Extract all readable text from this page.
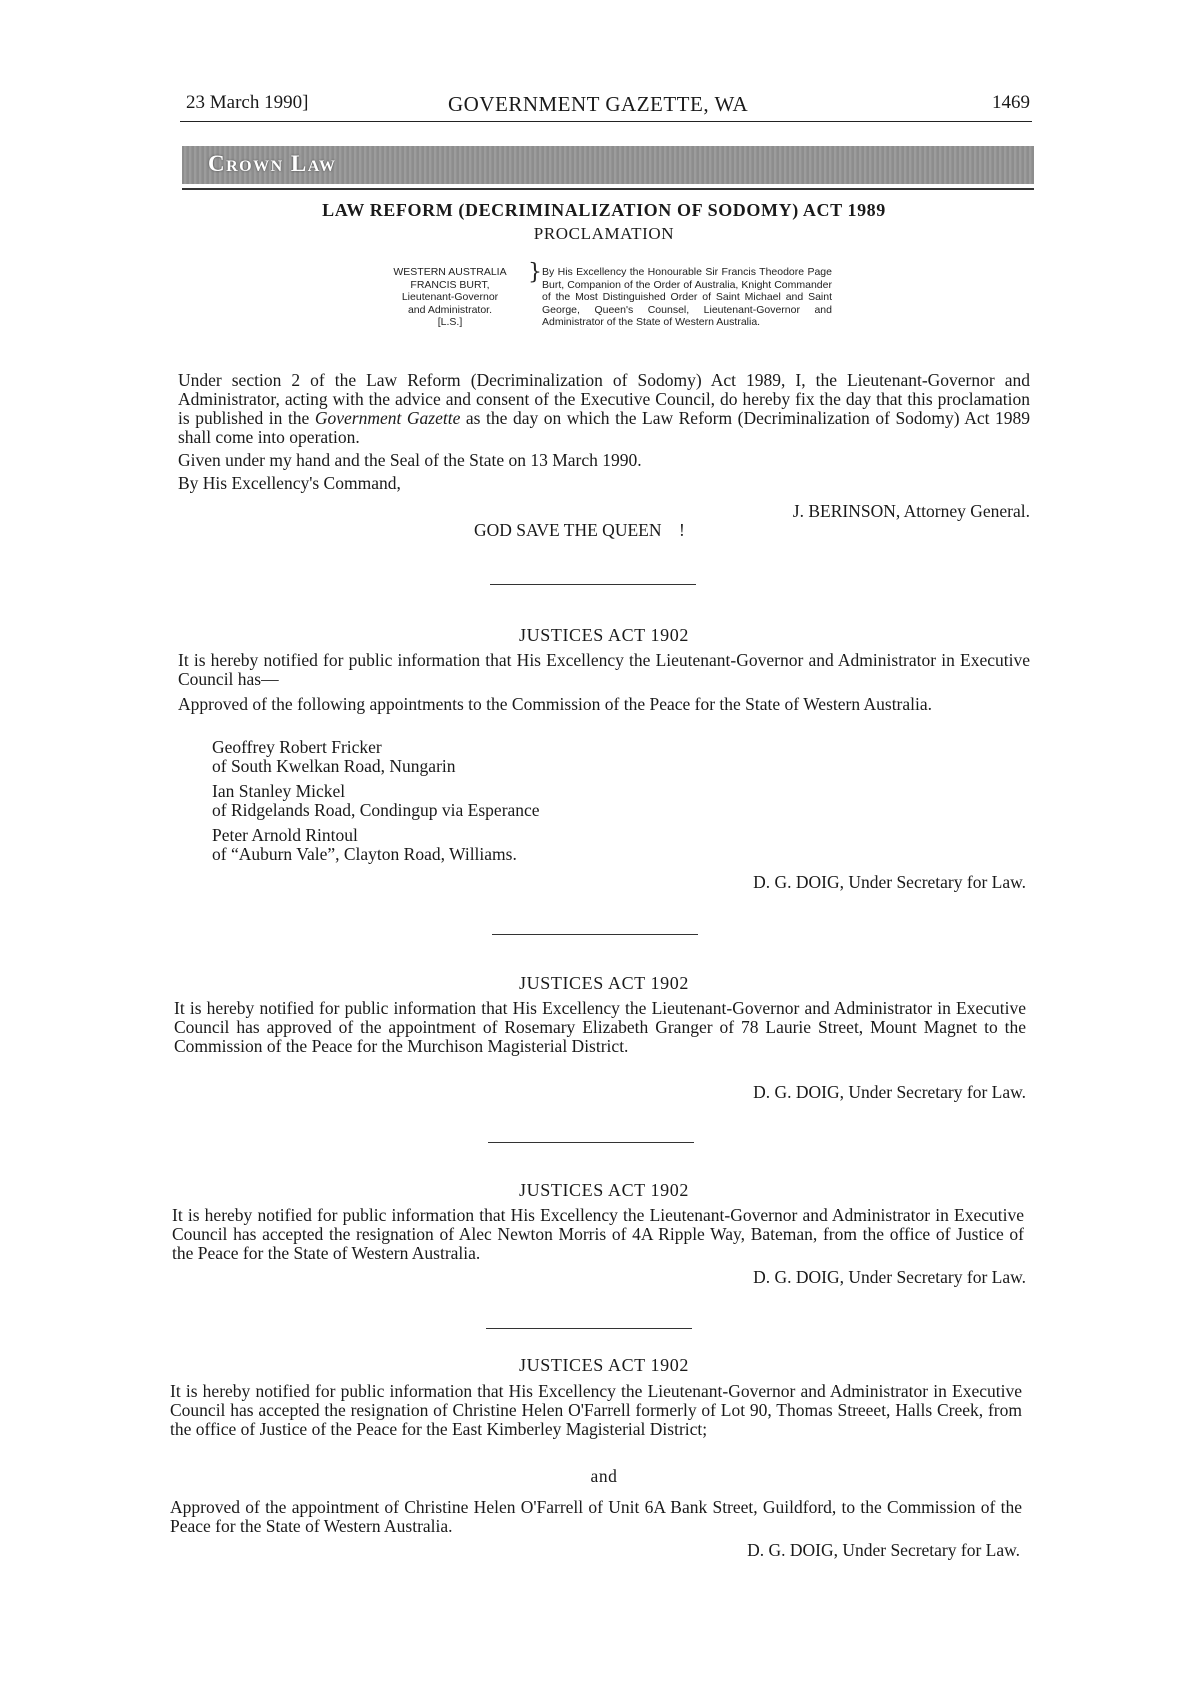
23 March 1990]	GOVERNMENT GAZETTE, WA	1469
Crown Law
LAW REFORM (DECRIMINALIZATION OF SODOMY) ACT 1989
PROCLAMATION
WESTERN AUSTRALIA
FRANCIS BURT,
Lieutenant-Governor
and Administrator.
[L.S.]
} By His Excellency the Honourable Sir Francis Theodore Page Burt, Companion of the Order of Australia, Knight Commander of the Most Distinguished Order of Saint Michael and Saint George, Queen's Counsel, Lieutenant-Governor and Administrator of the State of Western Australia.
Under section 2 of the Law Reform (Decriminalization of Sodomy) Act 1989, I, the Lieutenant-Governor and Administrator, acting with the advice and consent of the Executive Council, do hereby fix the day that this proclamation is published in the Government Gazette as the day on which the Law Reform (Decriminalization of Sodomy) Act 1989 shall come into operation.
Given under my hand and the Seal of the State on 13 March 1990.
By His Excellency's Command,
J. BERINSON, Attorney General.
GOD SAVE THE QUEEN    !
JUSTICES ACT 1902
It is hereby notified for public information that His Excellency the Lieutenant-Governor and Administrator in Executive Council has—
Approved of the following appointments to the Commission of the Peace for the State of Western Australia.
Geoffrey Robert Fricker
of South Kwelkan Road, Nungarin
Ian Stanley Mickel
of Ridgelands Road, Condingup via Esperance
Peter Arnold Rintoul
of “Auburn Vale”, Clayton Road, Williams.
D. G. DOIG, Under Secretary for Law.
JUSTICES ACT 1902
It is hereby notified for public information that His Excellency the Lieutenant-Governor and Administrator in Executive Council has approved of the appointment of Rosemary Elizabeth Granger of 78 Laurie Street, Mount Magnet to the Commission of the Peace for the Murchison Magisterial District.
D. G. DOIG, Under Secretary for Law.
JUSTICES ACT 1902
It is hereby notified for public information that His Excellency the Lieutenant-Governor and Administrator in Executive Council has accepted the resignation of Alec Newton Morris of 4A Ripple Way, Bateman, from the office of Justice of the Peace for the State of Western Australia.
D. G. DOIG, Under Secretary for Law.
JUSTICES ACT 1902
It is hereby notified for public information that His Excellency the Lieutenant-Governor and Administrator in Executive Council has accepted the resignation of Christine Helen O'Farrell formerly of Lot 90, Thomas Streeet, Halls Creek, from the office of Justice of the Peace for the East Kimberley Magisterial District;
and
Approved of the appointment of Christine Helen O'Farrell of Unit 6A Bank Street, Guildford, to the Commission of the Peace for the State of Western Australia.
D. G. DOIG, Under Secretary for Law.
